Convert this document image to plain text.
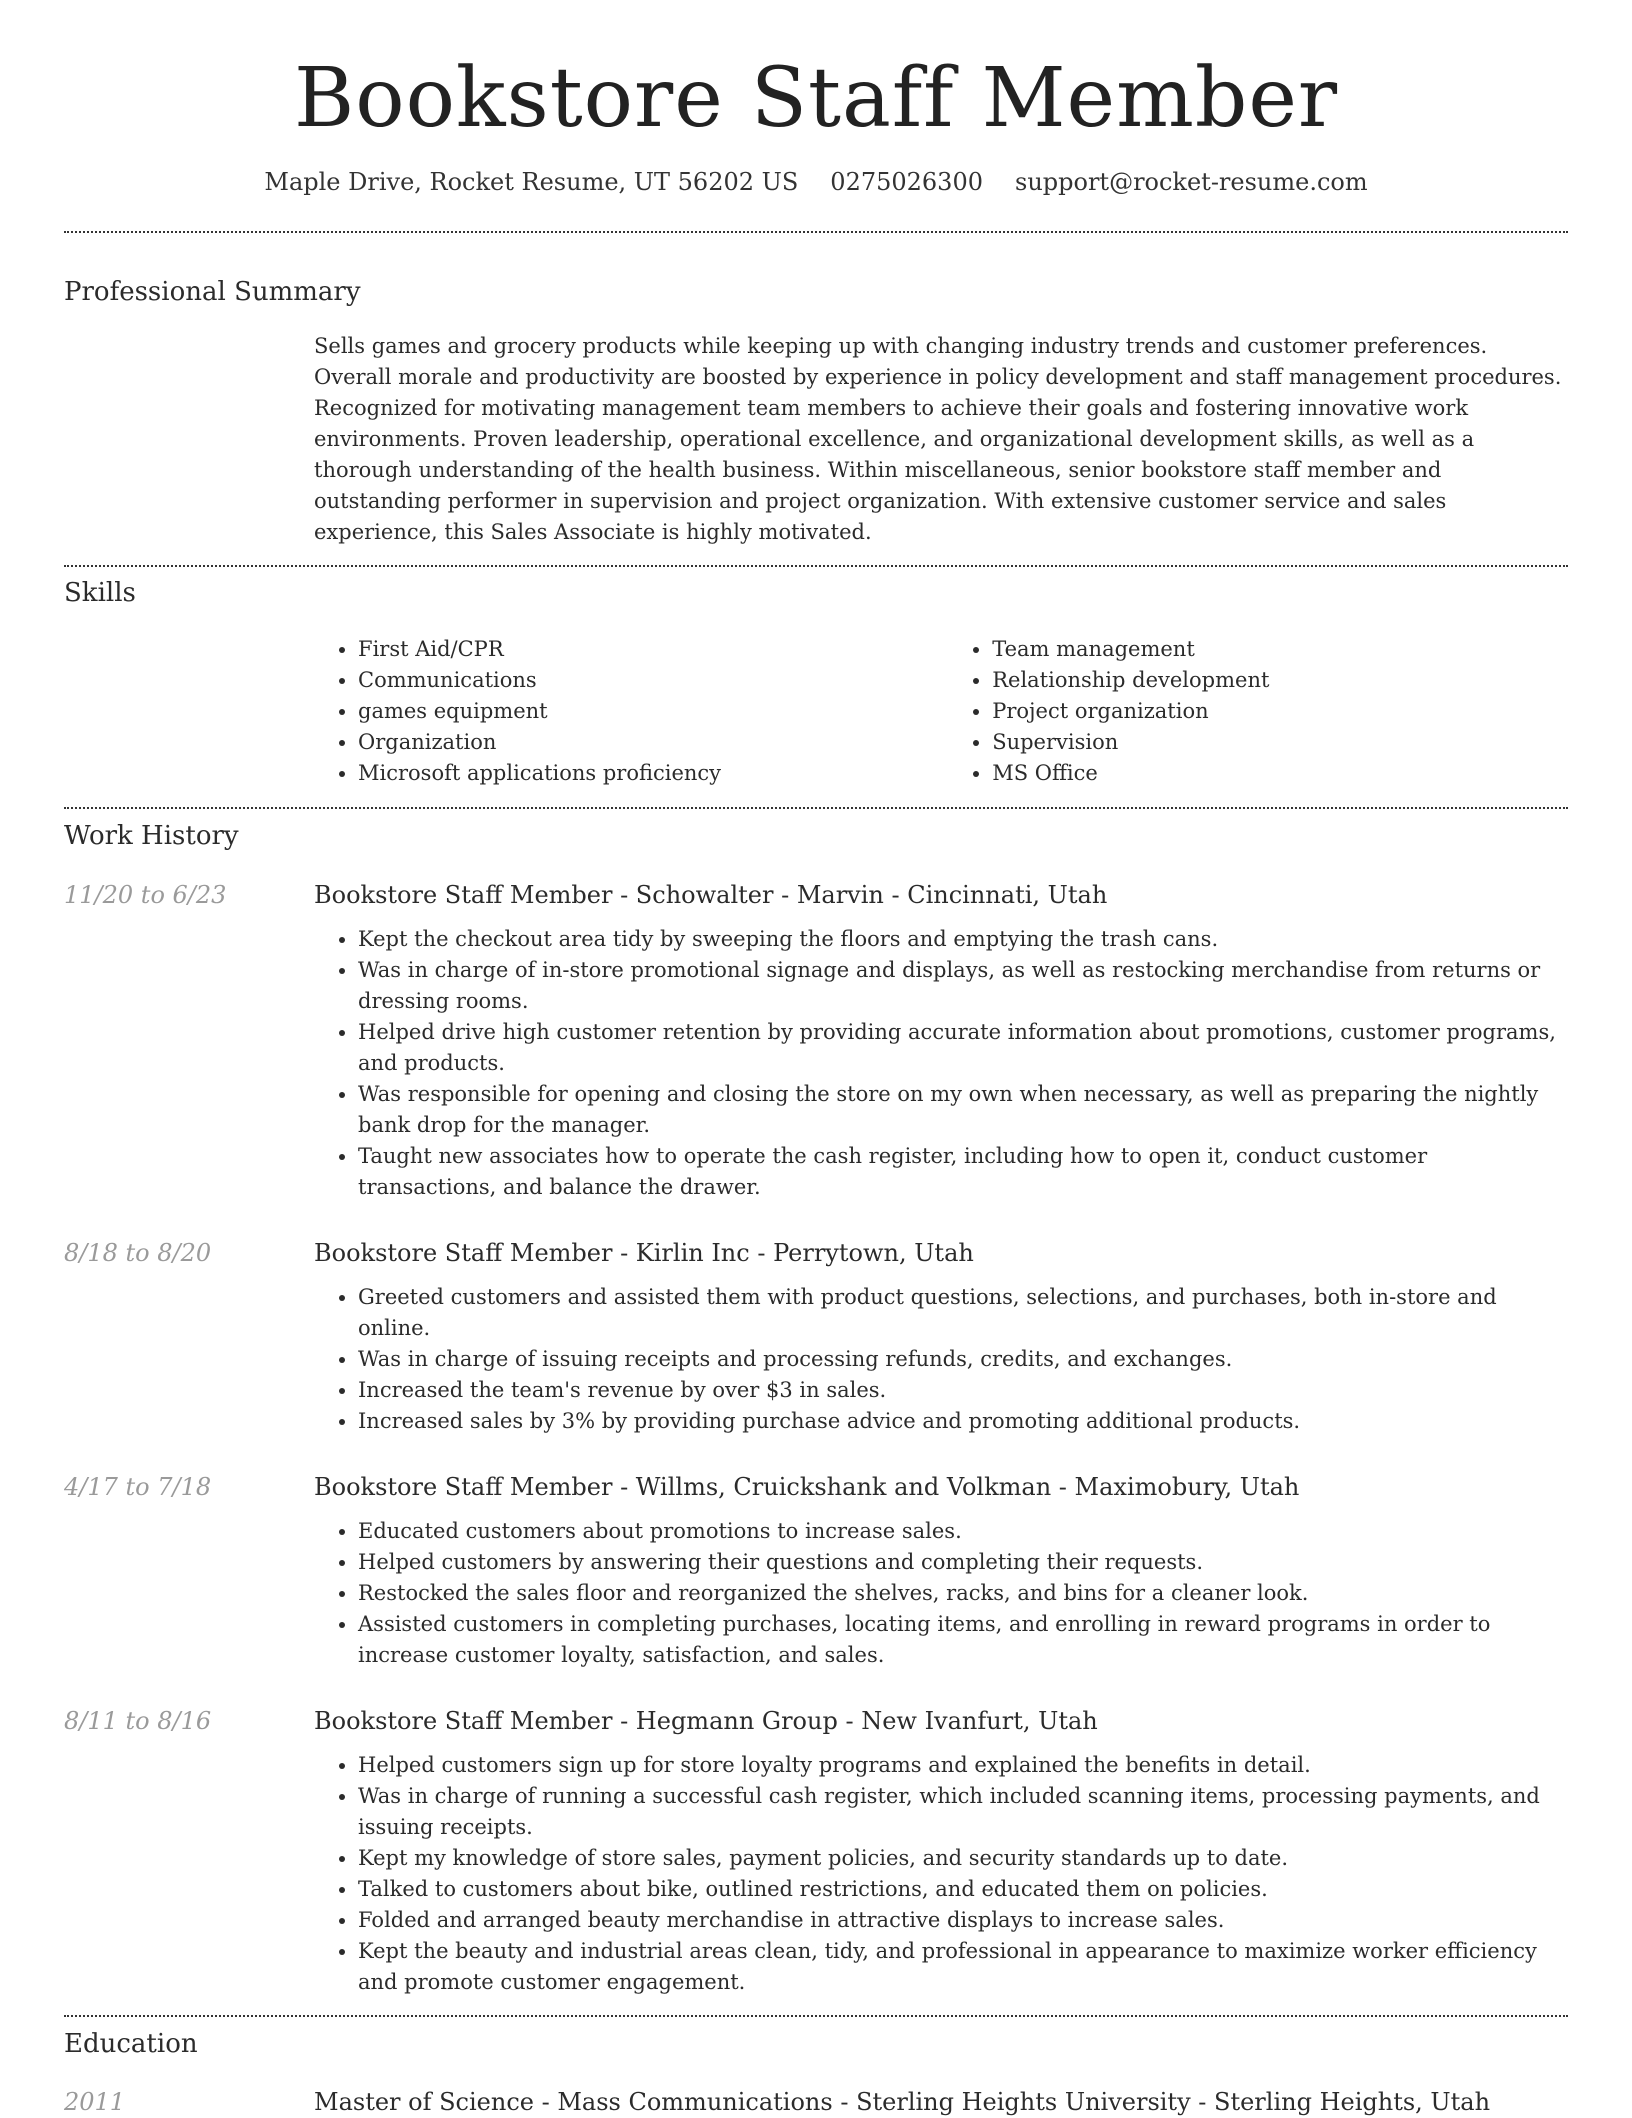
Bookstore Staff Member
Maple Drive, Rocket Resume, UT 56202 US 0275026300 support@rocket-resume.com
Professional Summary
Sells games and grocery products while keeping up with changing industry trends and customer preferences. Overall morale and productivity are boosted by experience in policy development and staff management procedures. Recognized for motivating management team members to achieve their goals and fostering innovative work environments. Proven leadership, operational excellence, and organizational development skills, as well as a thorough understanding of the health business. Within miscellaneous, senior bookstore staff member and outstanding performer in supervision and project organization. With extensive customer service and sales experience, this Sales Associate is highly motivated.
Skills
• First Aid/CPR
• Communications
• games equipment
• Organization
• Microsoft applications proficiency
• Team management
• Relationship development
• Project organization
• Supervision
• MS Office
Work History
11/20 to 6/23	Bookstore Staff Member - Schowalter - Marvin - Cincinnati, Utah
• Kept the checkout area tidy by sweeping the floors and emptying the trash cans.
• Was in charge of in-store promotional signage and displays, as well as restocking merchandise from returns or dressing rooms.
• Helped drive high customer retention by providing accurate information about promotions, customer programs, and products.
• Was responsible for opening and closing the store on my own when necessary, as well as preparing the nightly bank drop for the manager.
• Taught new associates how to operate the cash register, including how to open it, conduct customer transactions, and balance the drawer.
8/18 to 8/20	Bookstore Staff Member - Kirlin Inc - Perrytown, Utah
• Greeted customers and assisted them with product questions, selections, and purchases, both in-store and online.
• Was in charge of issuing receipts and processing refunds, credits, and exchanges.
• Increased the team's revenue by over $3 in sales.
• Increased sales by 3% by providing purchase advice and promoting additional products.
4/17 to 7/18	Bookstore Staff Member - Willms, Cruickshank and Volkman - Maximobury, Utah
• Educated customers about promotions to increase sales.
• Helped customers by answering their questions and completing their requests.
• Restocked the sales floor and reorganized the shelves, racks, and bins for a cleaner look.
• Assisted customers in completing purchases, locating items, and enrolling in reward programs in order to increase customer loyalty, satisfaction, and sales.
8/11 to 8/16	Bookstore Staff Member - Hegmann Group - New Ivanfurt, Utah
• Helped customers sign up for store loyalty programs and explained the benefits in detail.
• Was in charge of running a successful cash register, which included scanning items, processing payments, and issuing receipts.
• Kept my knowledge of store sales, payment policies, and security standards up to date.
• Talked to customers about bike, outlined restrictions, and educated them on policies.
• Folded and arranged beauty merchandise in attractive displays to increase sales.
• Kept the beauty and industrial areas clean, tidy, and professional in appearance to maximize worker efficiency and promote customer engagement.
Education
2011	Master of Science - Mass Communications - Sterling Heights University - Sterling Heights, Utah
